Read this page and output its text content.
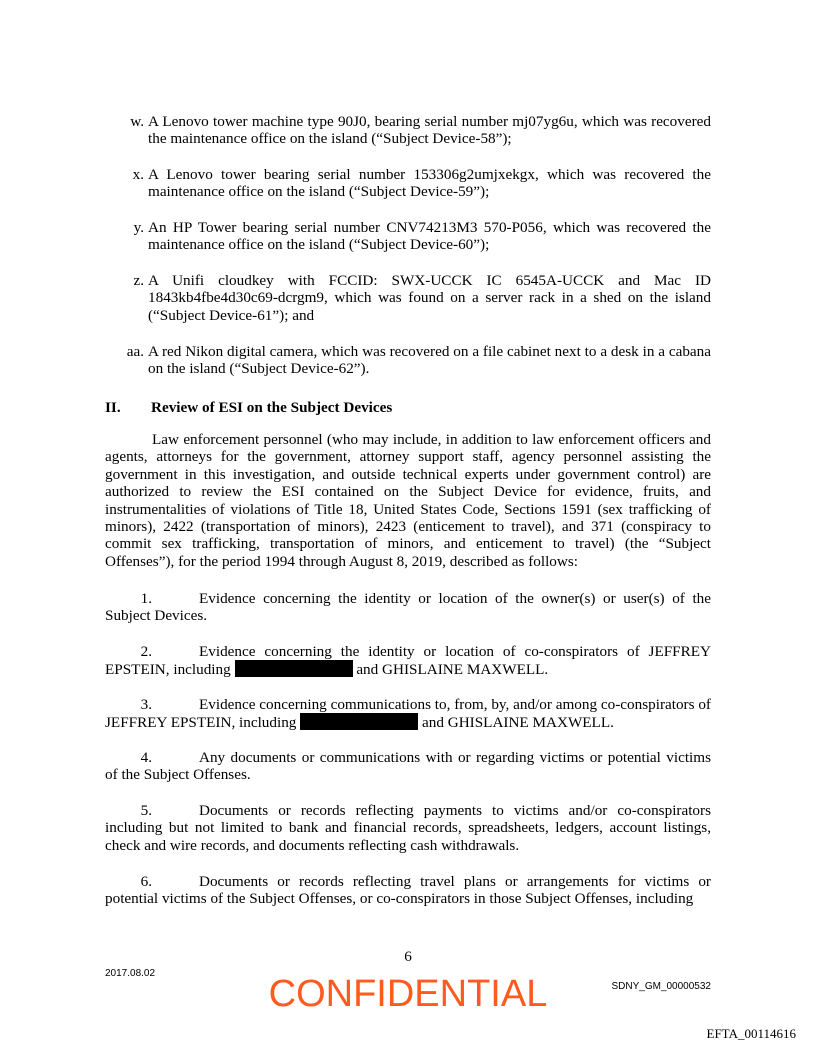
w. A Lenovo tower machine type 90J0, bearing serial number mj07yg6u, which was recovered the maintenance office on the island (“Subject Device-58”);
x. A Lenovo tower bearing serial number 153306g2umjxekgx, which was recovered the maintenance office on the island (“Subject Device-59”);
y. An HP Tower bearing serial number CNV74213M3 570-P056, which was recovered the maintenance office on the island (“Subject Device-60”);
z. A Unifi cloudkey with FCCID: SWX-UCCK IC 6545A-UCCK and Mac ID 1843kb4fbe4d30c69-dcrgm9, which was found on a server rack in a shed on the island (“Subject Device-61”); and
aa. A red Nikon digital camera, which was recovered on a file cabinet next to a desk in a cabana on the island (“Subject Device-62”).
II. Review of ESI on the Subject Devices
Law enforcement personnel (who may include, in addition to law enforcement officers and agents, attorneys for the government, attorney support staff, agency personnel assisting the government in this investigation, and outside technical experts under government control) are authorized to review the ESI contained on the Subject Device for evidence, fruits, and instrumentalities of violations of Title 18, United States Code, Sections 1591 (sex trafficking of minors), 2422 (transportation of minors), 2423 (enticement to travel), and 371 (conspiracy to commit sex trafficking, transportation of minors, and enticement to travel) (the “Subject Offenses”), for the period 1994 through August 8, 2019, described as follows:
1.	Evidence concerning the identity or location of the owner(s) or user(s) of the Subject Devices.
2.	Evidence concerning the identity or location of co-conspirators of JEFFREY EPSTEIN, including	and GHISLAINE MAXWELL.
3.	Evidence concerning communications to, from, by, and/or among co-conspirators of JEFFREY EPSTEIN, including	and GHISLAINE MAXWELL.
4.	Any documents or communications with or regarding victims or potential victims of the Subject Offenses.
5.	Documents or records reflecting payments to victims and/or co-conspirators including but not limited to bank and financial records, spreadsheets, ledgers, account listings, check and wire records, and documents reflecting cash withdrawals.
6.	Documents or records reflecting travel plans or arrangements for victims or potential victims of the Subject Offenses, or co-conspirators in those Subject Offenses, including
6
2017.08.02
SDNY_GM_00000532
CONFIDENTIAL
EFTA_00114616
